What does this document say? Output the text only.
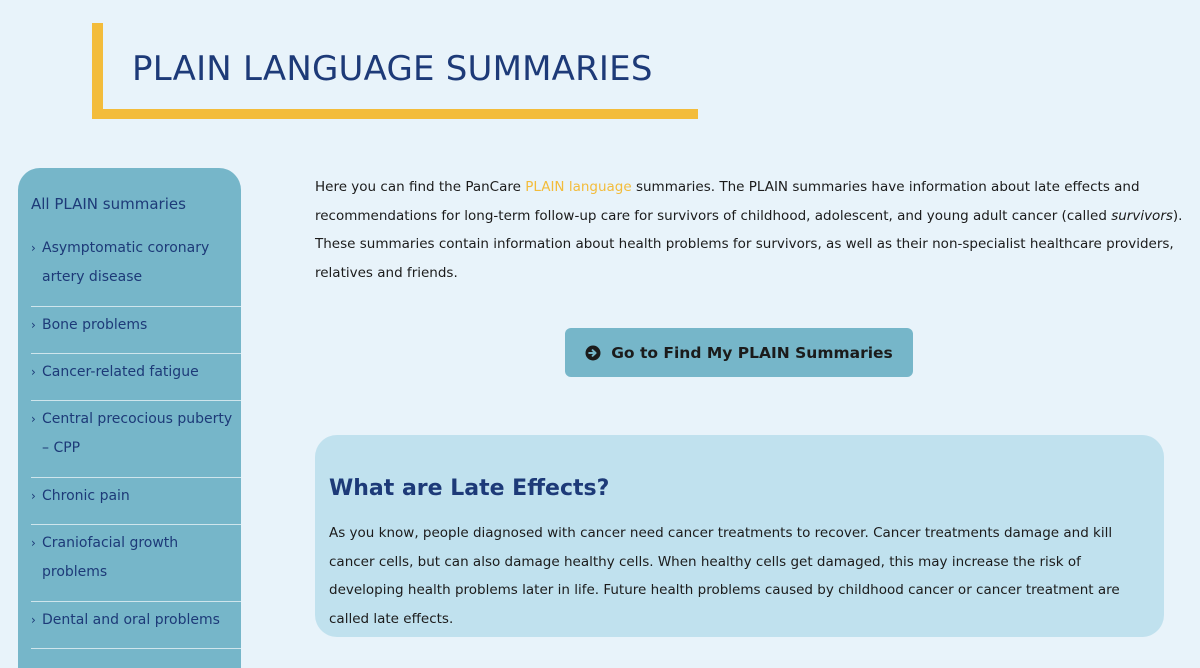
PLAIN LANGUAGE SUMMARIES
All PLAIN summaries
› Asymptomatic coronary artery disease
› Bone problems
› Cancer-related fatigue
› Central precocious puberty – CPP
› Chronic pain
› Craniofacial growth problems
› Dental and oral problems

Here you can find the PanCare PLAIN language summaries. The PLAIN summaries have information about late effects and recommendations for long-term follow-up care for survivors of childhood, adolescent, and young adult cancer (called survivors). These summaries contain information about health problems for survivors, as well as their non-specialist healthcare providers, relatives and friends.

Go to Find My PLAIN Summaries
What are Late Effects?

As you know, people diagnosed with cancer need cancer treatments to recover. Cancer treatments damage and kill cancer cells, but can also damage healthy cells. When healthy cells get damaged, this may increase the risk of developing health problems later in life. Future health problems caused by childhood cancer or cancer treatment are called late effects.
